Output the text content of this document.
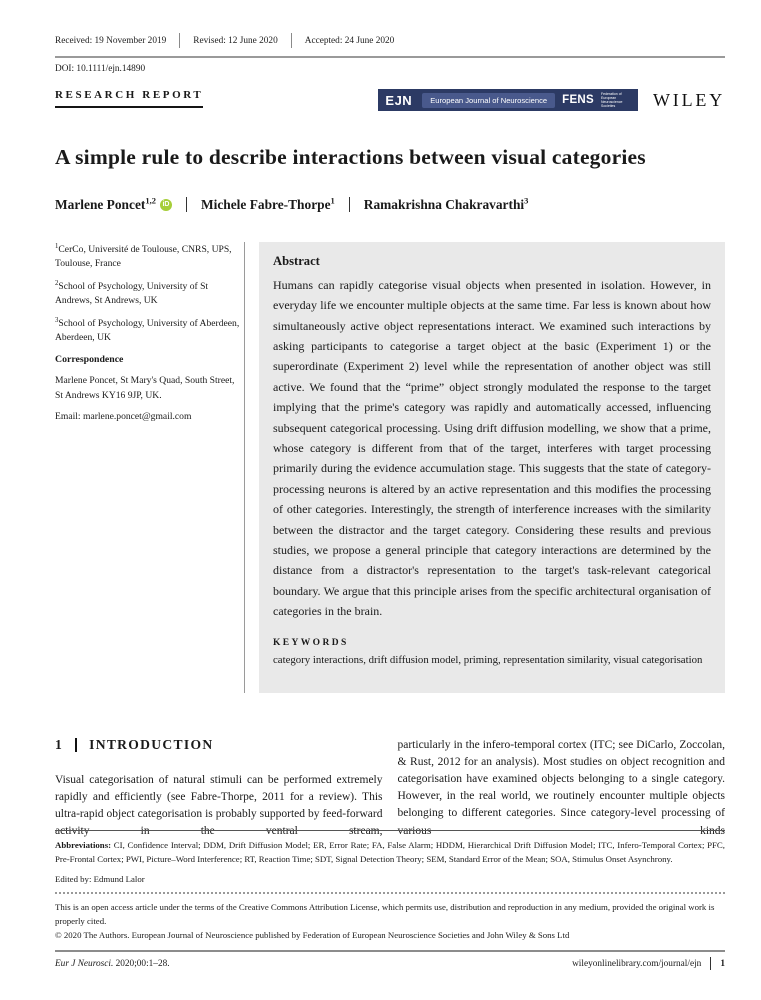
Received: 19 November 2019	Revised: 12 June 2020	Accepted: 24 June 2020
DOI: 10.1111/ejn.14890
RESEARCH REPORT	EJN	European Journal of Neuroscience	FENS
Federation of European Neuroscience Societies	WILEY
A simple rule to describe interactions between visual categories
Marlene Poncet$^{1,2}$ iD Michele Fabre-Thorpe$^1$ Ramakrishna Chakravarthi$^3$

$^1$CerCo, Université de Toulouse, CNRS, UPS, Toulouse, France

$^2$School of Psychology, University of St Andrews, St Andrews, UK

$^3$School of Psychology, University of Aberdeen, Aberdeen, UK

Correspondence

Marlene Poncet, St Mary's Quad, South Street, St Andrews KY16 9JP, UK.

Email: marlene.poncet@gmail.com

Abstract

Humans can rapidly categorise visual objects when presented in isolation. However, in everyday life we encounter multiple objects at the same time. Far less is known about how simultaneously active object representations interact. We examined such interactions by asking participants to categorise a target object at the basic (Experiment 1) or the superordinate (Experiment 2) level while the representation of another object was still active. We found that the “prime” object strongly modulated the response to the target implying that the prime's category was rapidly and automatically accessed, influencing subsequent categorical processing. Using drift diffusion modelling, we show that a prime, whose category is different from that of the target, interferes with target processing primarily during the evidence accumulation stage. This suggests that the state of category-processing neurons is altered by an active representation and this modifies the processing of other categories. Interestingly, the strength of interference increases with the similarity between the distractor and the target category. Considering these results and previous studies, we propose a general principle that category interactions are determined by the distance from a distractor's representation to the target's task-relevant categorical boundary. We argue that this principle arises from the specific architectural organisation of categories in the brain.

KEYWORDS

category interactions, drift diffusion model, priming, representation similarity, visual categorisation

1 INTRODUCTION

Visual categorisation of natural stimuli can be performed extremely rapidly and efficiently (see Fabre-Thorpe, 2011 for a review). This ultra-rapid object categorisation is probably supported by feed-forward activity in the ventral stream,

particularly in the infero-temporal cortex (ITC; see DiCarlo, Zoccolan, & Rust, 2012 for an analysis). Most studies on object recognition and categorisation have examined objects belonging to a single category. However, in the real world, we routinely encounter multiple objects belonging to different categories. Since category-level processing of various kinds

Abbreviations: CI, Confidence Interval; DDM, Drift Diffusion Model; ER, Error Rate; FA, False Alarm; HDDM, Hierarchical Drift Diffusion Model; ITC, Infero-Temporal Cortex; PFC, Pre-Frontal Cortex; PWI, Picture–Word Interference; RT, Reaction Time; SDT, Signal Detection Theory; SEM, Standard Error of the Mean; SOA, Stimulus Onset Asynchrony.

Edited by: Edmund Lalor

This is an open access article under the terms of the Creative Commons Attribution License, which permits use, distribution and reproduction in any medium, provided the original work is properly cited.

© 2020 The Authors. European Journal of Neuroscience published by Federation of European Neuroscience Societies and John Wiley & Sons Ltd

Eur J Neurosci. 2020;00:1–28.	wileyonlinelibrary.com/journal/ejn 1
